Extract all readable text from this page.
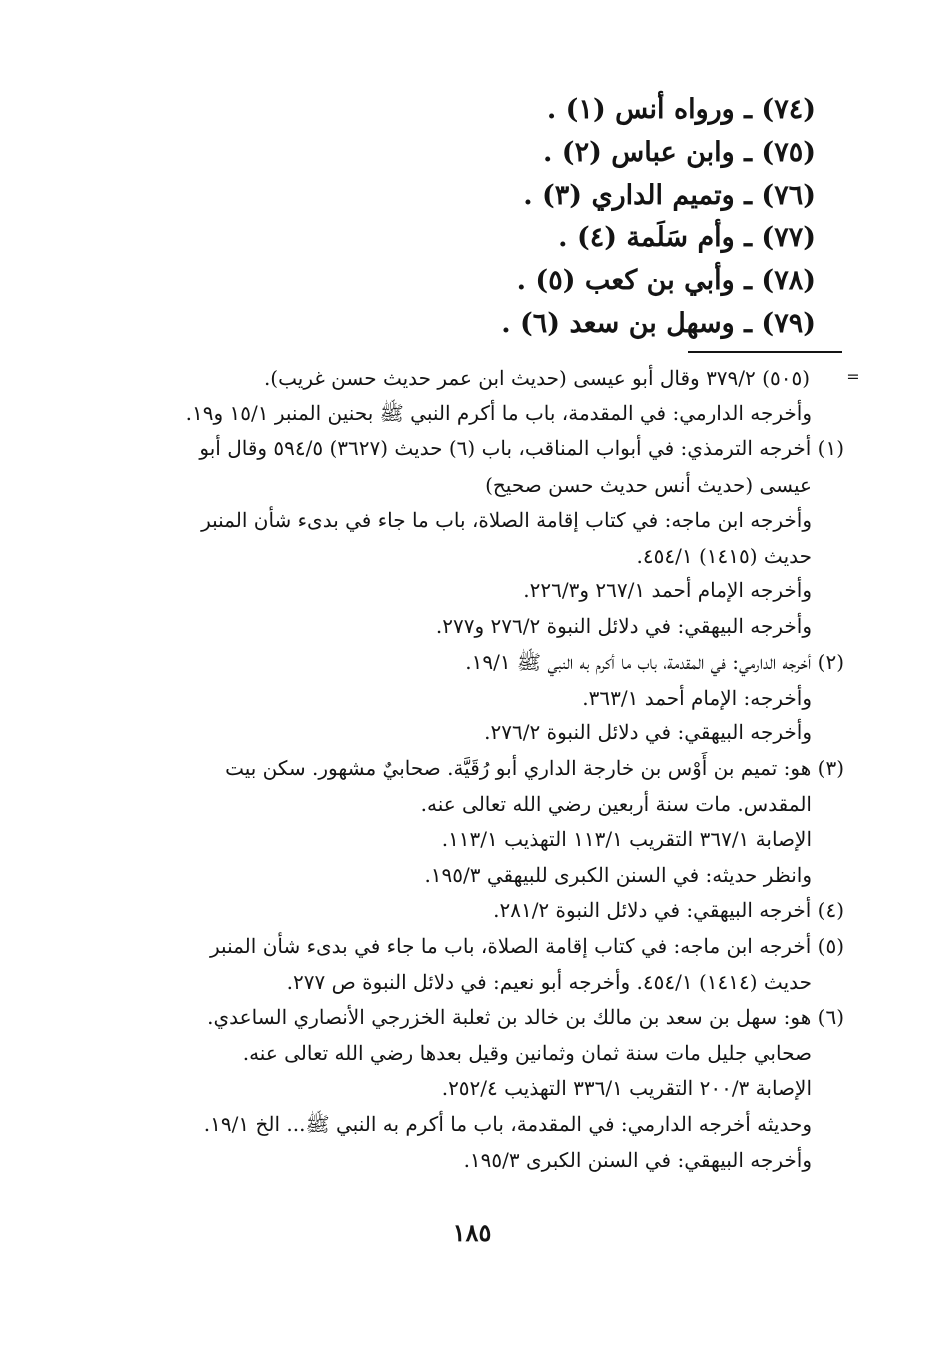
(٧٤) ـ ورواه أنس (١) .
(٧٥) ـ وابن عباس (٢) .
(٧٦) ـ وتميم الداري (٣) .
(٧٧) ـ وأم سَلَمة (٤) .
(٧٨) ـ وأبي بن كعب (٥) .
(٧٩) ـ وسهل بن سعد (٦) .
=
(٥٠٥) ٣٧٩/٢ وقال أبو عيسى (حديث ابن عمر حديث حسن غريب).
وأخرجه الدارمي: في المقدمة، باب ما أكرم النبي ﷺ بحنين المنبر ١٥/١ و١٩.
(١) أخرجه الترمذي: في أبواب المناقب، باب (٦) حديث (٣٦٢٧) ٥٩٤/٥ وقال أبو
عيسى (حديث أنس حديث حسن صحيح)
وأخرجه ابن ماجه: في كتاب إقامة الصلاة، باب ما جاء في بدىء شأن المنبر
حديث (١٤١٥) ٤٥٤/١.
وأخرجه الإمام أحمد ٢٦٧/١ و٢٢٦/٣.
وأخرجه البيهقي: في دلائل النبوة ٢٧٦/٢ و٢٧٧.
(٢) أخرجه الدارمي: في المقدمة، باب ما أكرم به النبي ﷺ ١٩/١.
وأخرجه: الإمام أحمد ٣٦٣/١.
وأخرجه البيهقي: في دلائل النبوة ٢٧٦/٢.
(٣) هو: تميم بن أَوْس بن خارجة الداري أبو رُقَيَّة. صحابيٌ مشهور. سكن بيت
المقدس. مات سنة أربعين رضي الله تعالى عنه.
الإصابة ٣٦٧/١ التقريب ١١٣/١ التهذيب ١١٣/١.
وانظر حديثه: في السنن الكبرى للبيهقي ١٩٥/٣.
(٤) أخرجه البيهقي: في دلائل النبوة ٢٨١/٢.
(٥) أخرجه ابن ماجه: في كتاب إقامة الصلاة، باب ما جاء في بدىء شأن المنبر
حديث (١٤١٤) ٤٥٤/١. وأخرجه أبو نعيم: في دلائل النبوة ص ٢٧٧.
(٦) هو: سهل بن سعد بن مالك بن خالد بن ثعلبة الخزرجي الأنصاري الساعدي.
صحابي جليل مات سنة ثمان وثمانين وقيل بعدها رضي الله تعالى عنه.
الإصابة ٢٠٠/٣ التقريب ٣٣٦/١ التهذيب ٢٥٢/٤.
وحديثه أخرجه الدارمي: في المقدمة، باب ما أكرم به النبي ﷺ... الخ ١٩/١.
وأخرجه البيهقي: في السنن الكبرى ١٩٥/٣.
١٨٥
